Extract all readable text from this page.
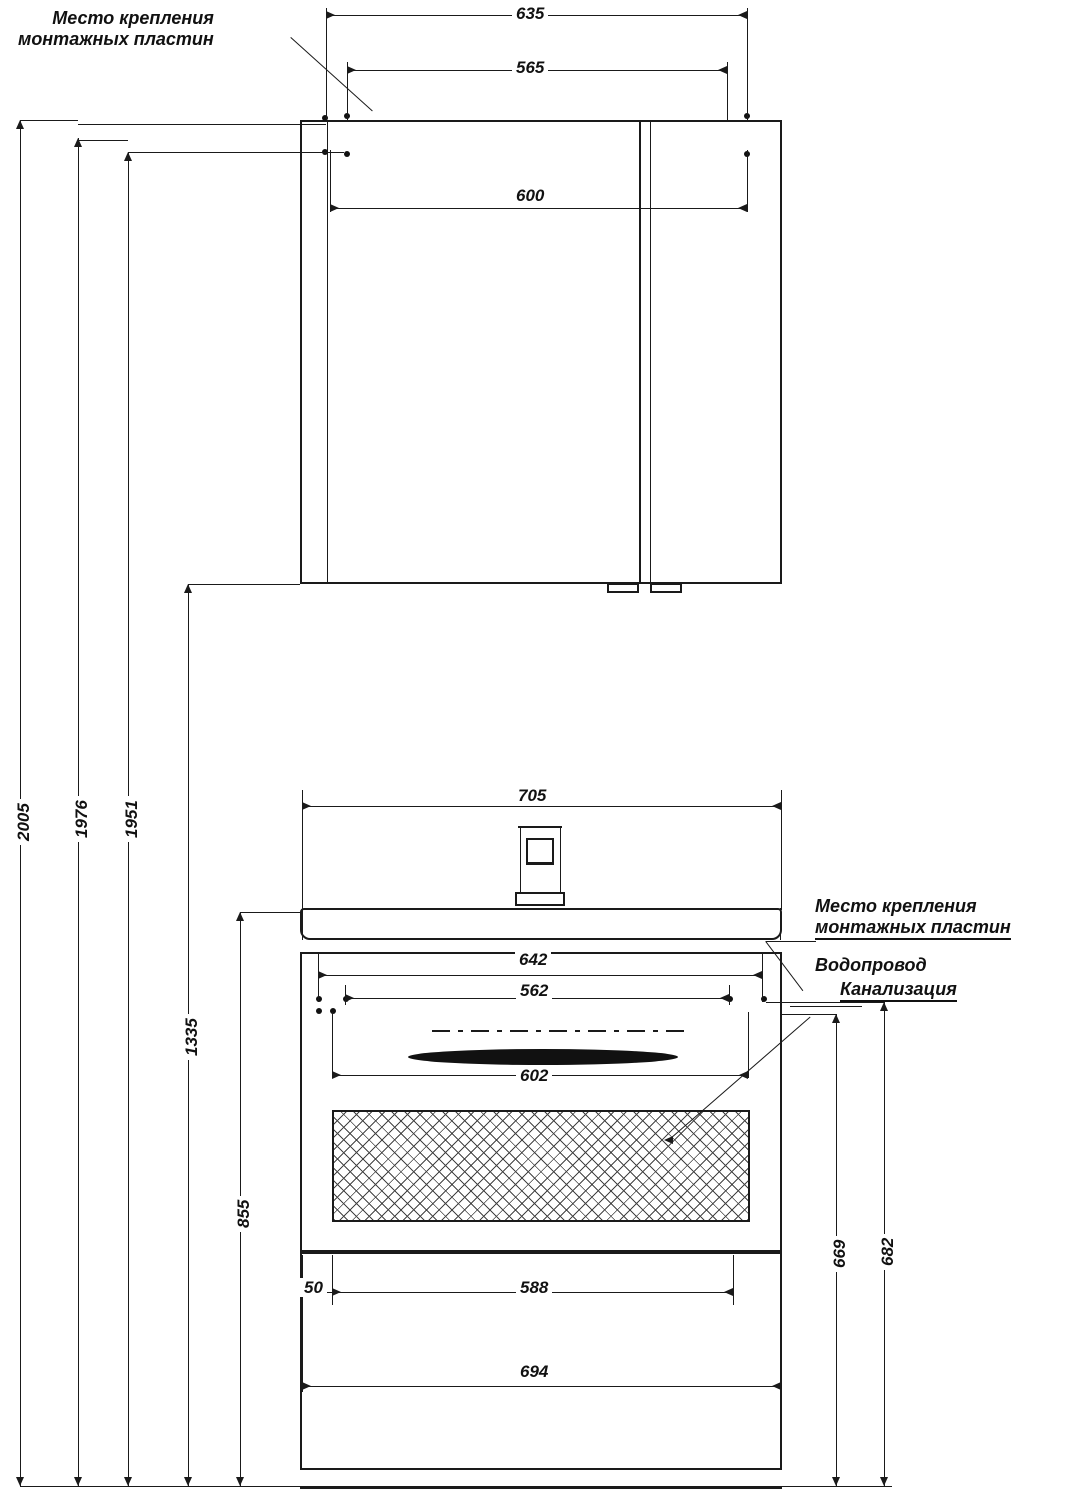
Место крепления
монтажных пластин
635
565
600
705
642
562
602
588
50
694
Место крепления
монтажных пластин
Водопровод
Канализация
2005 1976 1951
1335
855
669 682
